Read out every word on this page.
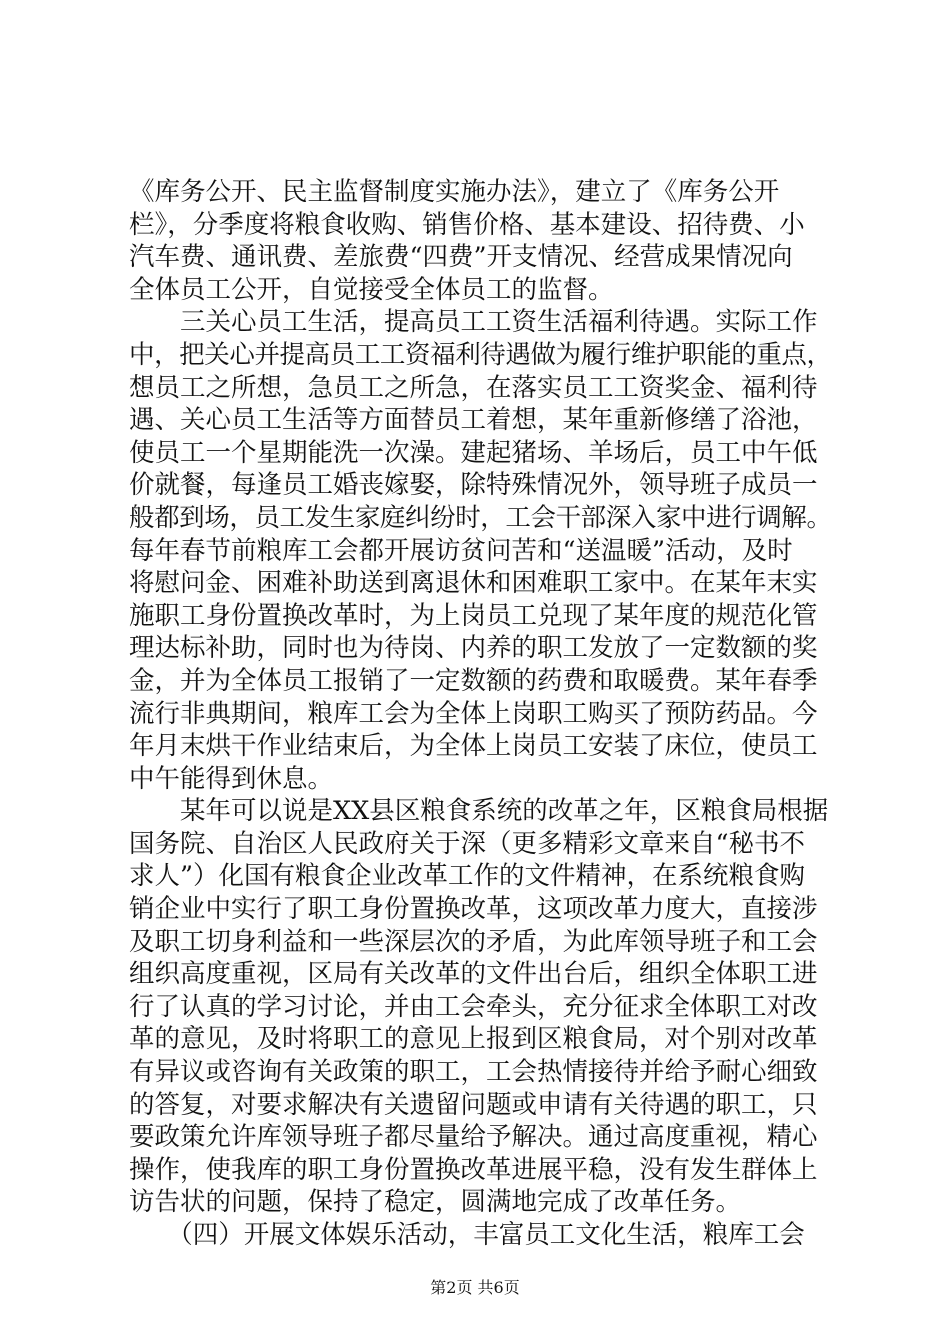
《库务公开、民主监督制度实施办法》，建立了《库务公开
栏》，分季度将粮食收购、销售价格、基本建设、招待费、小
汽车费、通讯费、差旅费“四费”开支情况、经营成果情况向
全体员工公开，自觉接受全体员工的监督。
　　三关心员工生活，提高员工工资生活福利待遇。实际工作
中，把关心并提高员工工资福利待遇做为履行维护职能的重点，
想员工之所想，急员工之所急，在落实员工工资奖金、福利待
遇、关心员工生活等方面替员工着想，某年重新修缮了浴池，
使员工一个星期能洗一次澡。建起猪场、羊场后，员工中午低
价就餐，每逢员工婚丧嫁娶，除特殊情况外，领导班子成员一
般都到场，员工发生家庭纠纷时，工会干部深入家中进行调解。
每年春节前粮库工会都开展访贫问苦和“送温暖”活动，及时
将慰问金、困难补助送到离退休和困难职工家中。在某年末实
施职工身份置换改革时，为上岗员工兑现了某年度的规范化管
理达标补助，同时也为待岗、内养的职工发放了一定数额的奖
金，并为全体员工报销了一定数额的药费和取暖费。某年春季
流行非典期间，粮库工会为全体上岗职工购买了预防药品。今
年月末烘干作业结束后，为全体上岗员工安装了床位，使员工
中午能得到休息。
　　某年可以说是XX县区粮食系统的改革之年，区粮食局根据
国务院、自治区人民政府关于深（更多精彩文章来自“秘书不
求人”）化国有粮食企业改革工作的文件精神，在系统粮食购
销企业中实行了职工身份置换改革，这项改革力度大，直接涉
及职工切身利益和一些深层次的矛盾，为此库领导班子和工会
组织高度重视，区局有关改革的文件出台后，组织全体职工进
行了认真的学习讨论，并由工会牵头，充分征求全体职工对改
革的意见，及时将职工的意见上报到区粮食局，对个别对改革
有异议或咨询有关政策的职工，工会热情接待并给予耐心细致
的答复，对要求解决有关遗留问题或申请有关待遇的职工，只
要政策允许库领导班子都尽量给予解决。通过高度重视，精心
操作，使我库的职工身份置换改革进展平稳，没有发生群体上
访告状的问题，保持了稳定，圆满地完成了改革任务。
　　（四）开展文体娱乐活动，丰富员工文化生活，粮库工会
第2页 共6页
